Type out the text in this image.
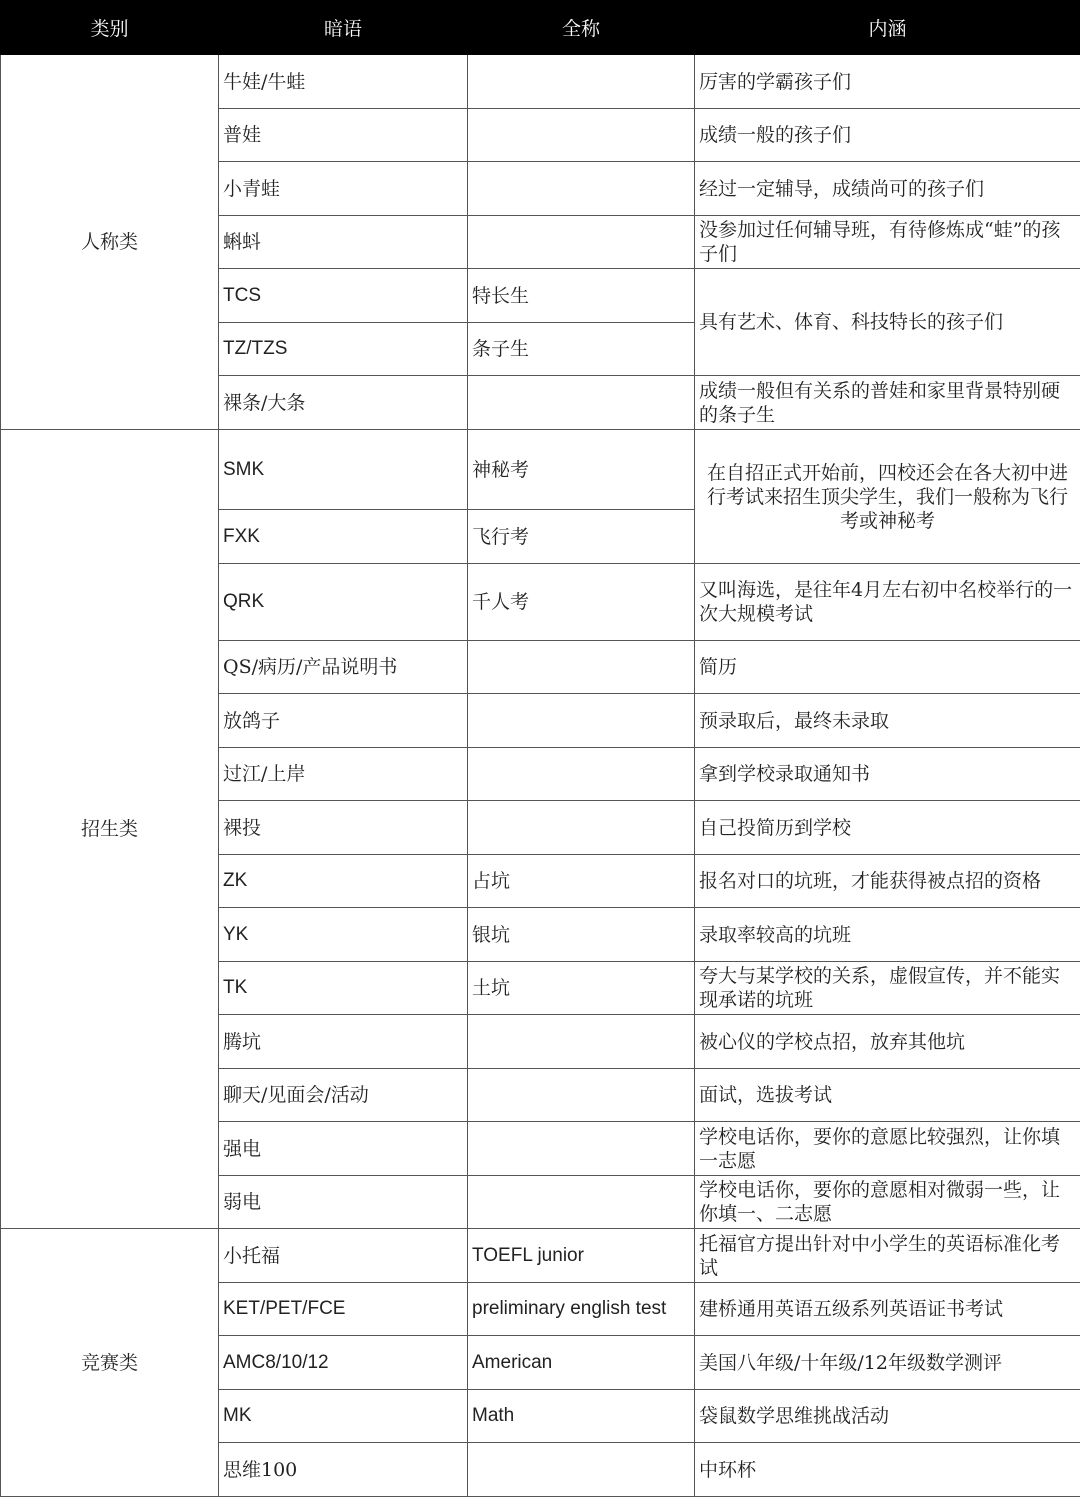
类别	暗语	全称	内涵
人称类	牛娃/牛蛙		厉害的学霸孩子们
	普娃		成绩一般的孩子们
	小青蛙		经过一定辅导，成绩尚可的孩子们
	蝌蚪		没参加过任何辅导班，有待修炼成“蛙”的孩子们
	TCS	特长生	具有艺术、体育、科技特长的孩子们
	TZ/TZS	条子生	
	裸条/大条		成绩一般但有关系的普娃和家里背景特别硬的条子生
招生类	SMK	神秘考	在自招正式开始前，四校还会在各大初中进行考试来招生顶尖学生，我们一般称为飞行考或神秘考
	FXK	飞行考	
	QRK	千人考	又叫海选，是往年4月左右初中名校举行的一次大规模考试
	QS/病历/产品说明书		简历
	放鸽子		预录取后，最终未录取
	过江/上岸		拿到学校录取通知书
	裸投		自己投简历到学校
	ZK	占坑	报名对口的坑班，才能获得被点招的资格
	YK	银坑	录取率较高的坑班
	TK	土坑	夸大与某学校的关系，虚假宣传，并不能实现承诺的坑班
	腾坑		被心仪的学校点招，放弃其他坑
	聊天/见面会/活动		面试，选拔考试
	强电		学校电话你，要你的意愿比较强烈，让你填一志愿
	弱电		学校电话你，要你的意愿相对微弱一些，让你填一、二志愿
竞赛类	小托福	TOEFL junior	托福官方提出针对中小学生的英语标准化考试
	KET/PET/FCE	preliminary english test	建桥通用英语五级系列英语证书考试
	AMC8/10/12	American	美国八年级/十年级/12年级数学测评
	MK	Math	袋鼠数学思维挑战活动
	思维100		中环杯
